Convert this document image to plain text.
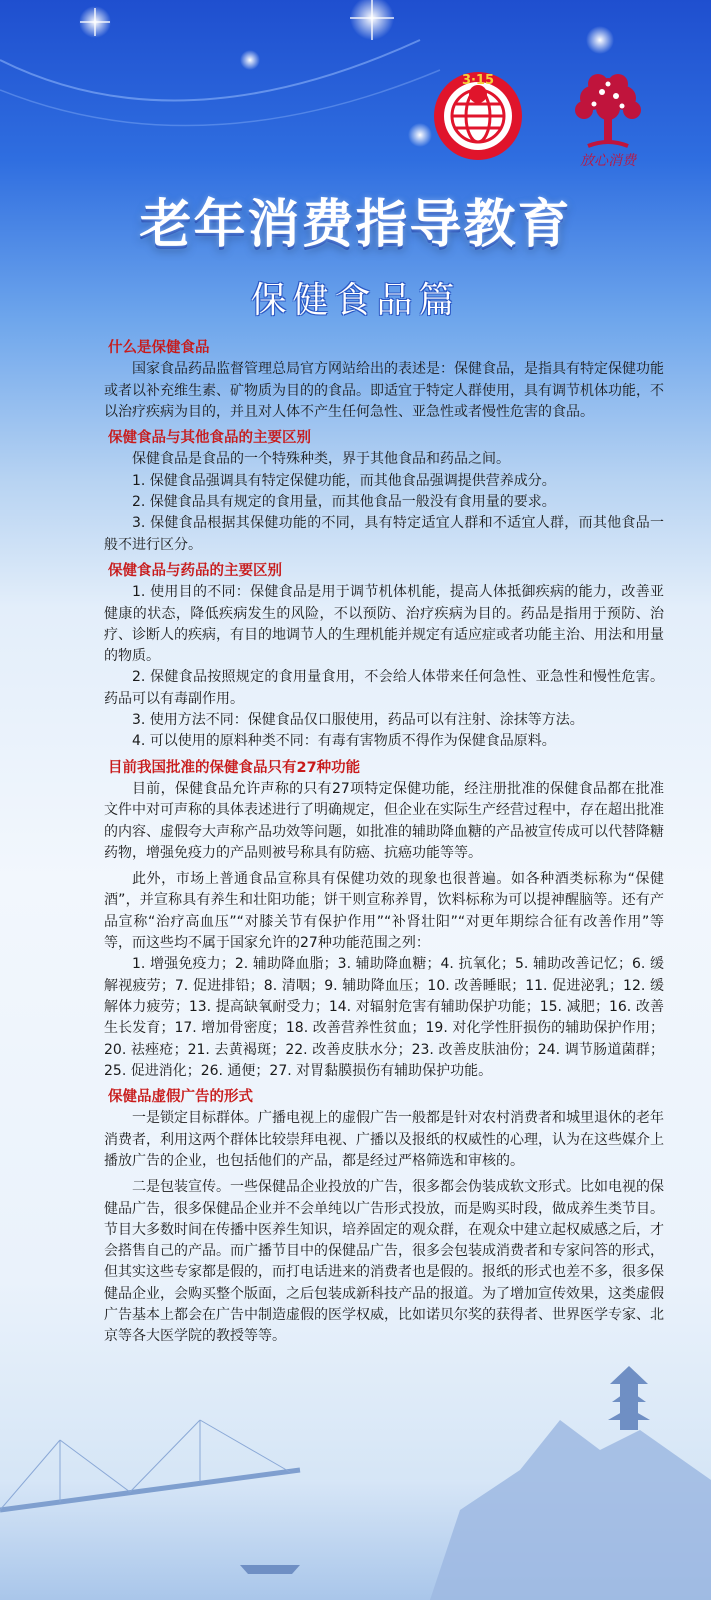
3·15
放心消费
老年消费指导教育
保健食品篇
什么是保健食品

国家食品药品监督管理总局官方网站给出的表述是：保健食品，是指具有特定保健功能或者以补充维生素、矿物质为目的的食品。即适宜于特定人群使用，具有调节机体功能，不以治疗疾病为目的，并且对人体不产生任何急性、亚急性或者慢性危害的食品。

保健食品与其他食品的主要区别

保健食品是食品的一个特殊种类，界于其他食品和药品之间。

1. 保健食品强调具有特定保健功能，而其他食品强调提供营养成分。

2. 保健食品具有规定的食用量，而其他食品一般没有食用量的要求。

3. 保健食品根据其保健功能的不同，具有特定适宜人群和不适宜人群，而其他食品一般不进行区分。

保健食品与药品的主要区别

1. 使用目的不同：保健食品是用于调节机体机能，提高人体抵御疾病的能力，改善亚健康的状态，降低疾病发生的风险，不以预防、治疗疾病为目的。药品是指用于预防、治疗、诊断人的疾病，有目的地调节人的生理机能并规定有适应症或者功能主治、用法和用量的物质。

2. 保健食品按照规定的食用量食用，不会给人体带来任何急性、亚急性和慢性危害。药品可以有毒副作用。

3. 使用方法不同：保健食品仅口服使用，药品可以有注射、涂抹等方法。

4. 可以使用的原料种类不同：有毒有害物质不得作为保健食品原料。

目前我国批准的保健食品只有27种功能

目前，保健食品允许声称的只有27项特定保健功能，经注册批准的保健食品都在批准文件中对可声称的具体表述进行了明确规定，但企业在实际生产经营过程中，存在超出批准的内容、虚假夸大声称产品功效等问题，如批准的辅助降血糖的产品被宣传成可以代替降糖药物，增强免疫力的产品则被号称具有防癌、抗癌功能等等。

此外，市场上普通食品宣称具有保健功效的现象也很普遍。如各种酒类标称为“保健酒”，并宣称具有养生和壮阳功能；饼干则宣称养胃，饮料标称为可以提神醒脑等。还有产品宣称“治疗高血压”“对膝关节有保护作用”“补肾壮阳”“对更年期综合征有改善作用”等等，而这些均不属于国家允许的27种功能范围之列：

1. 增强免疫力；2. 辅助降血脂；3. 辅助降血糖；4. 抗氧化；5. 辅助改善记忆；6. 缓解视疲劳；7. 促进排铅；8. 清咽；9. 辅助降血压；10. 改善睡眠；11. 促进泌乳；12. 缓解体力疲劳；13. 提高缺氧耐受力；14. 对辐射危害有辅助保护功能；15. 减肥；16. 改善生长发育；17. 增加骨密度；18. 改善营养性贫血；19. 对化学性肝损伤的辅助保护作用；20. 祛痤疮；21. 去黄褐斑；22. 改善皮肤水分；23. 改善皮肤油份；24. 调节肠道菌群；25. 促进消化；26. 通便；27. 对胃黏膜损伤有辅助保护功能。

保健品虚假广告的形式

一是锁定目标群体。广播电视上的虚假广告一般都是针对农村消费者和城里退休的老年消费者，利用这两个群体比较崇拜电视、广播以及报纸的权威性的心理，认为在这些媒介上播放广告的企业，也包括他们的产品，都是经过严格筛选和审核的。

二是包装宣传。一些保健品企业投放的广告，很多都会伪装成软文形式。比如电视的保健品广告，很多保健品企业并不会单纯以广告形式投放，而是购买时段，做成养生类节目。节目大多数时间在传播中医养生知识，培养固定的观众群，在观众中建立起权威感之后，才会搭售自己的产品。而广播节目中的保健品广告，很多会包装成消费者和专家问答的形式，但其实这些专家都是假的，而打电话进来的消费者也是假的。报纸的形式也差不多，很多保健品企业，会购买整个版面，之后包装成新科技产品的报道。为了增加宣传效果，这类虚假广告基本上都会在广告中制造虚假的医学权威，比如诺贝尔奖的获得者、世界医学专家、北京等各大医学院的教授等等。
